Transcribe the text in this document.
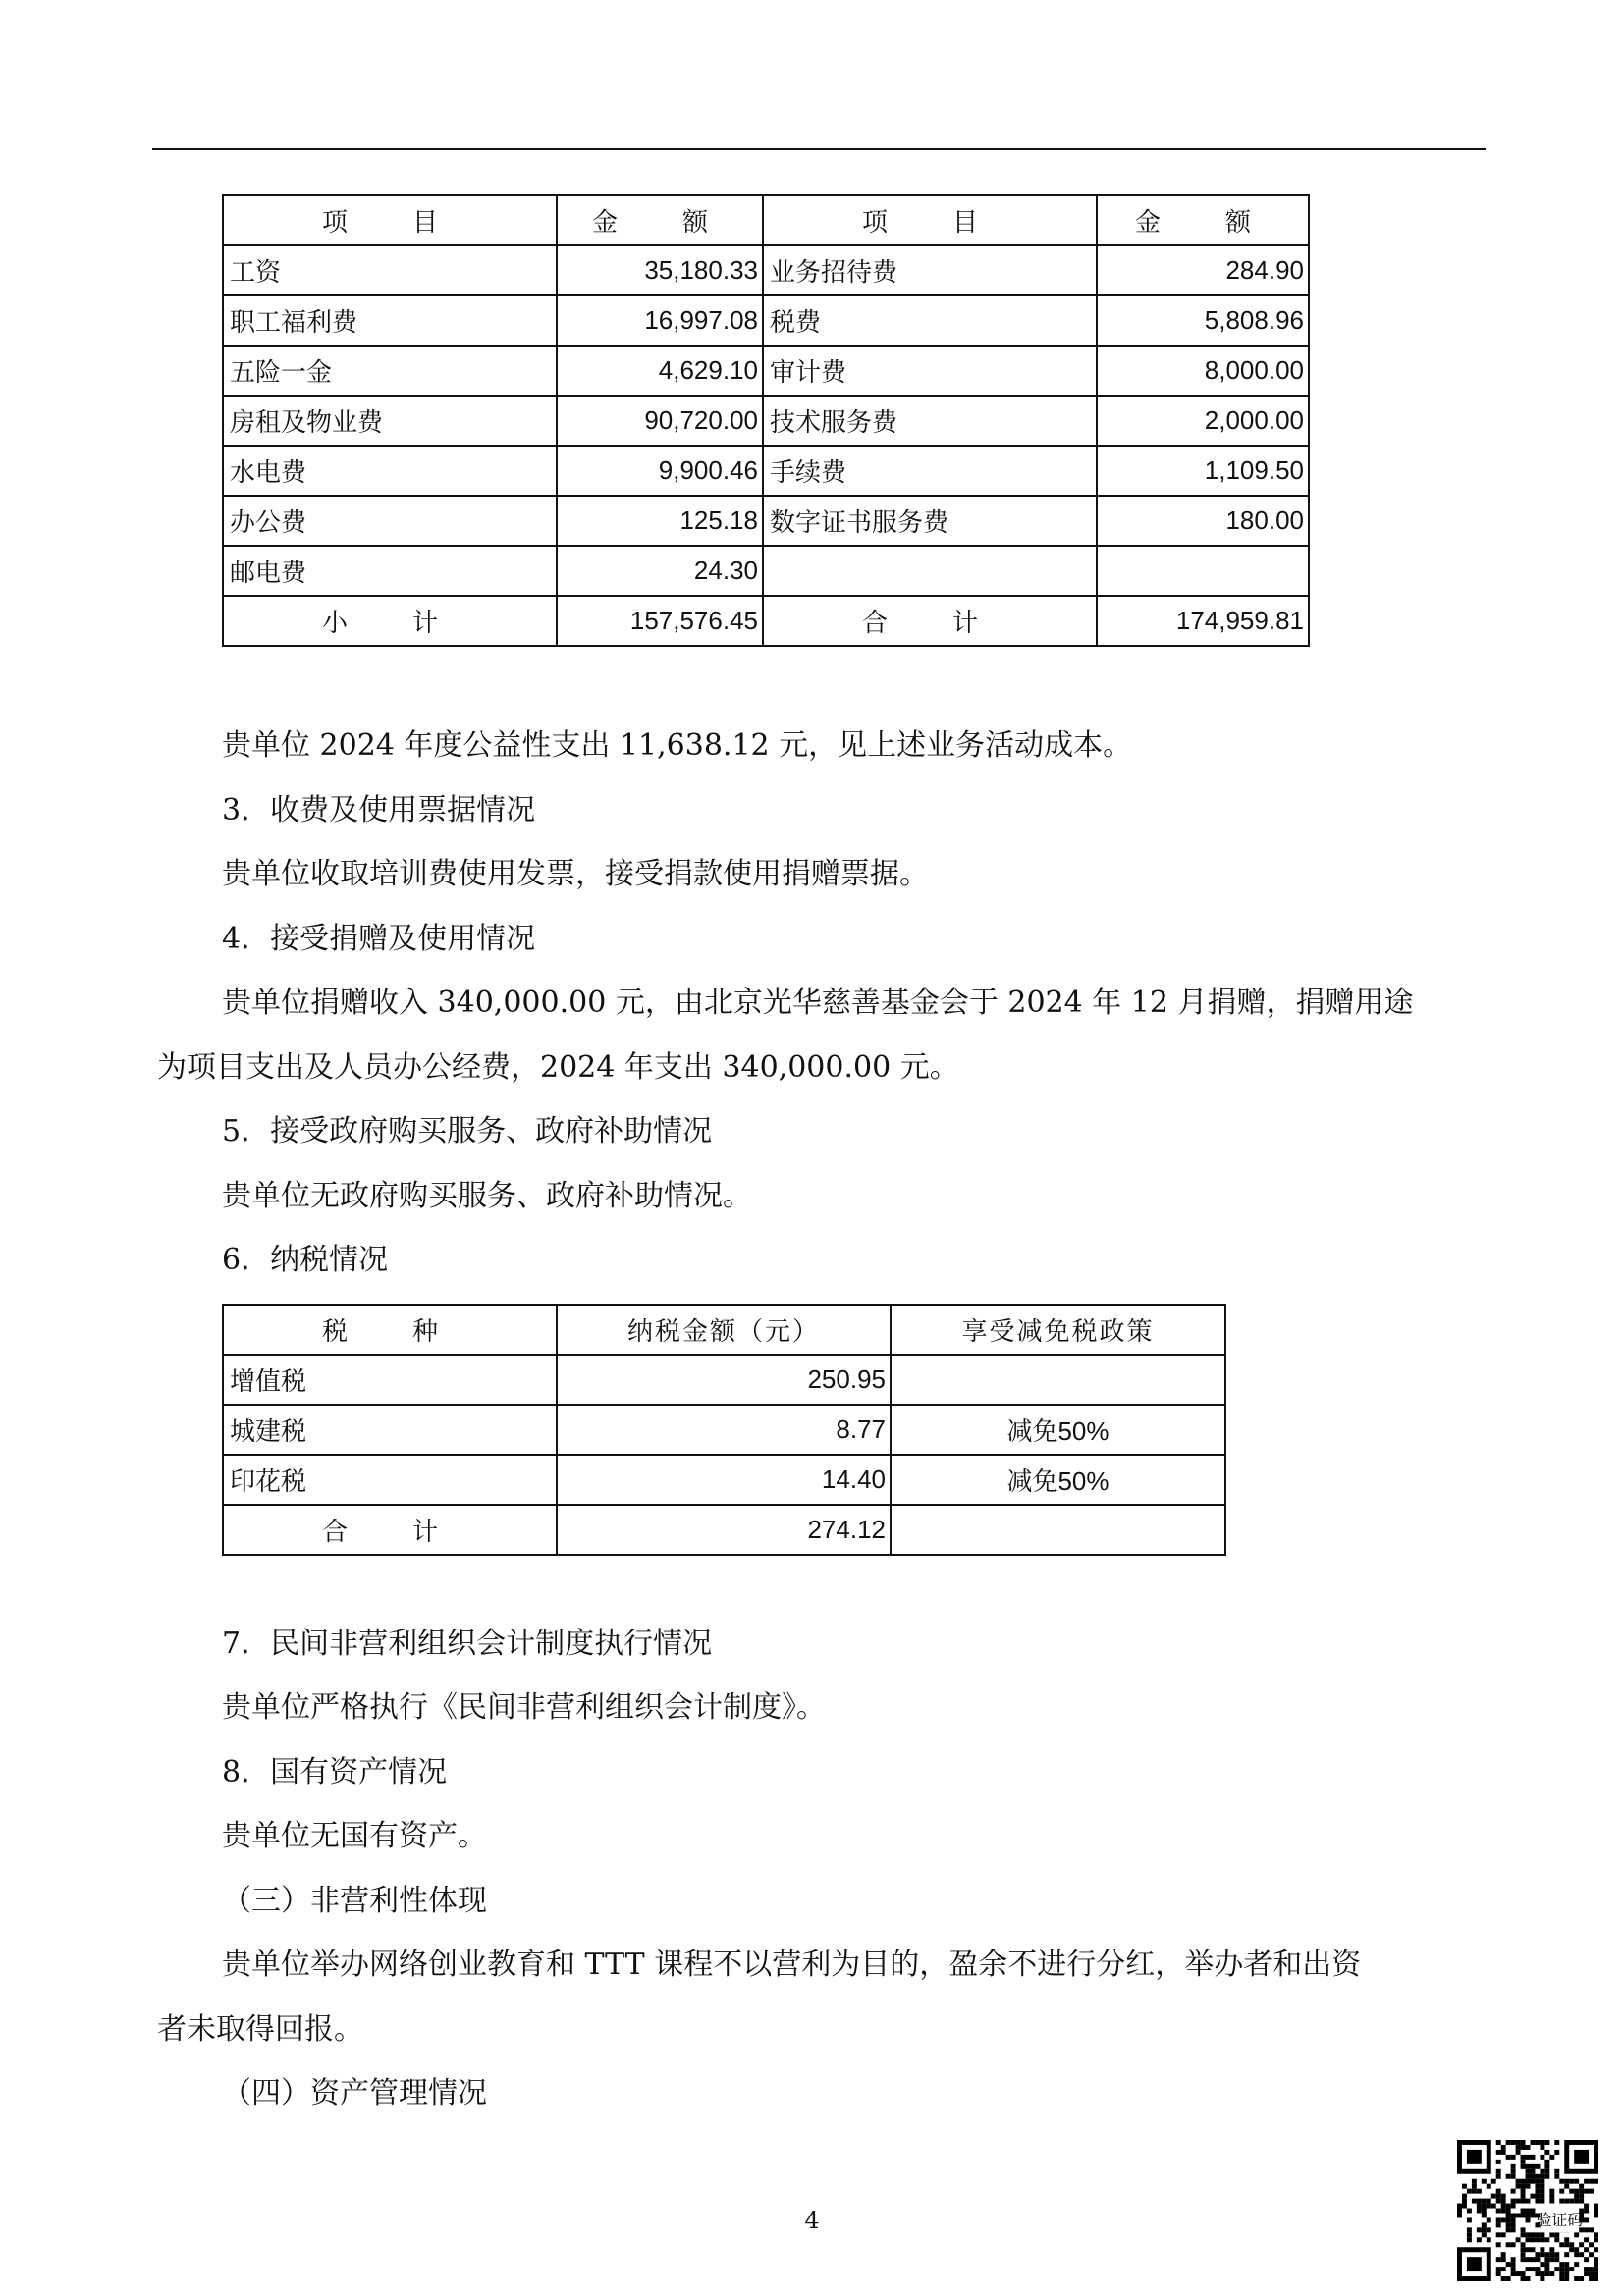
项　目	金　额	项　目	金　额
工资	35,180.33	业务招待费	284.90
职工福利费	16,997.08	税费	5,808.96
五险一金	4,629.10	审计费	8,000.00
房租及物业费	90,720.00	技术服务费	2,000.00
水电费	9,900.46	手续费	1,109.50
办公费	125.18	数字证书服务费	180.00
邮电费	24.30		
小　计	157,576.45	合　计	174,959.81
贵单位 2024 年度公益性支出 11,638.12 元，见上述业务活动成本。
3．收费及使用票据情况
贵单位收取培训费使用发票，接受捐款使用捐赠票据。
4．接受捐赠及使用情况
贵单位捐赠收入 340,000.00 元，由北京光华慈善基金会于 2024 年 12 月捐赠，捐赠用途
为项目支出及人员办公经费，2024 年支出 340,000.00 元。
5．接受政府购买服务、政府补助情况
贵单位无政府购买服务、政府补助情况。
6．纳税情况
税　种	纳税金额（元）	享受减免税政策
增值税	250.95	
城建税	8.77	减免50%
印花税	14.40	减免50%
合　计	274.12	
7．民间非营利组织会计制度执行情况
贵单位严格执行《民间非营利组织会计制度》。
8．国有资产情况
贵单位无国有资产。
（三）非营利性体现
贵单位举办网络创业教育和 TTT 课程不以营利为目的，盈余不进行分红，举办者和出资
者未取得回报。
（四）资产管理情况
4	验证码
